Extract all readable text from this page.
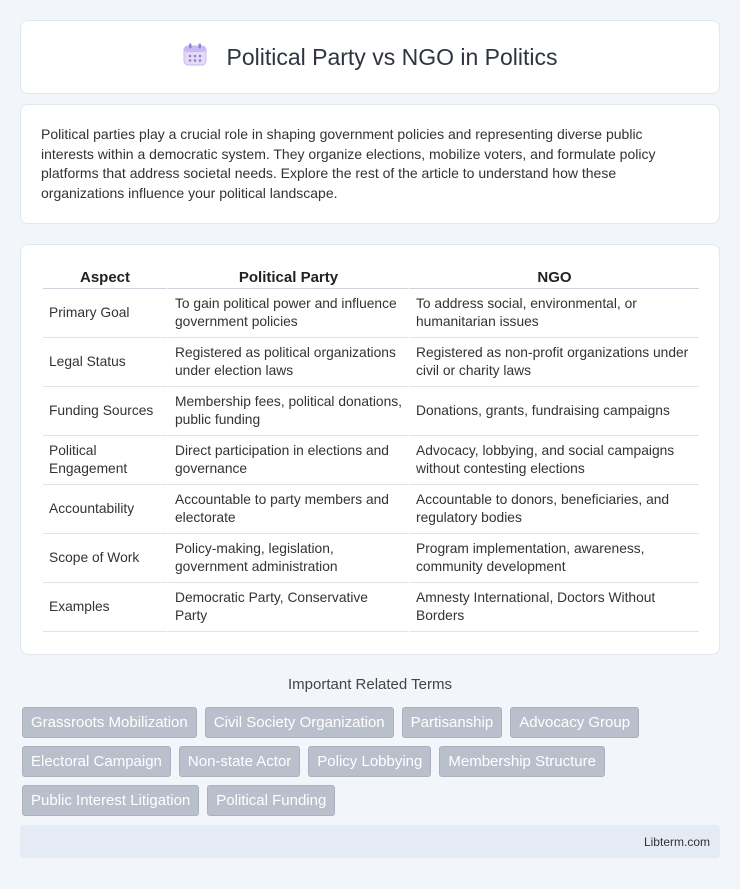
Political Party vs NGO in Politics

Political parties play a crucial role in shaping government policies and representing diverse public interests within a democratic system. They organize elections, mobilize voters, and formulate policy platforms that address societal needs. Explore the rest of the article to understand how these organizations influence your political landscape.

Aspect	Political Party	NGO
Primary Goal	To gain political power and influence government policies	To address social, environmental, or humanitarian issues
Legal Status	Registered as political organizations under election laws	Registered as non-profit organizations under civil or charity laws
Funding Sources	Membership fees, political donations, public funding	Donations, grants, fundraising campaigns
Political Engagement	Direct participation in elections and governance	Advocacy, lobbying, and social campaigns without contesting elections
Accountability	Accountable to party members and electorate	Accountable to donors, beneficiaries, and regulatory bodies
Scope of Work	Policy-making, legislation, government administration	Program implementation, awareness, community development
Examples	Democratic Party, Conservative Party	Amnesty International, Doctors Without Borders
Important Related Terms
Grassroots Mobilization	Civil Society Organization	Partisanship	Advocacy Group
Electoral Campaign	Non-state Actor	Policy Lobbying	Membership Structure
Public Interest Litigation	Political Funding
Libterm.com
